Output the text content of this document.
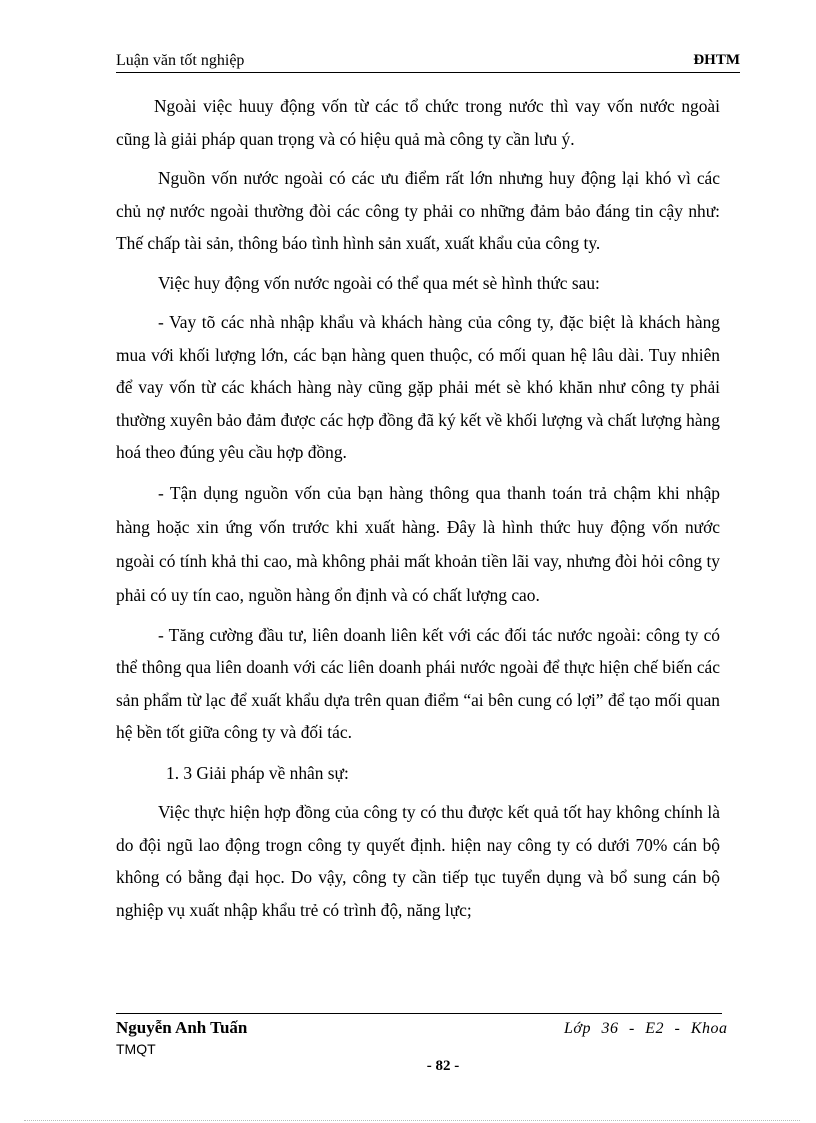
Luận văn tốt nghiệp	ĐHTM

Ngoài việc huuy động vốn từ các tổ chức trong nước thì vay vốn nước ngoài cũng là giải pháp quan trọng và có hiệu quả mà công ty cần lưu ý.

Nguồn vốn nước ngoài có các ưu điểm rất lớn nhưng huy động lại khó vì các chủ nợ nước ngoài thường đòi các công ty phải co những đảm bảo đáng tin cậy như: Thế chấp tài sản, thông báo tình hình sản xuất, xuất khẩu của công ty.

Việc huy động vốn nước ngoài có thể qua mét sè hình thức sau:

- Vay tõ các nhà nhập khẩu và khách hàng của công ty, đặc biệt là khách hàng mua với khối lượng lớn, các bạn hàng quen thuộc, có mối quan hệ lâu dài. Tuy nhiên để vay vốn từ các khách hàng này cũng gặp phải mét sè khó khăn như công ty phải thường xuyên bảo đảm được các hợp đồng đã ký kết về khối lượng và chất lượng hàng hoá theo đúng yêu cầu hợp đồng.

- Tận dụng nguồn vốn của bạn hàng thông qua thanh toán trả chậm khi nhập hàng hoặc xin ứng vốn trước khi xuất hàng. Đây là hình thức huy động vốn nước ngoài có tính khả thi cao, mà không phải mất khoản tiền lãi vay, nhưng đòi hỏi công ty phải có uy tín cao, nguồn hàng ổn định và có chất lượng cao.

- Tăng cường đầu tư, liên doanh liên kết với các đối tác nước ngoài: công ty có thể thông qua liên doanh với các liên doanh phái nước ngoài để thực hiện chế biến các sản phẩm từ lạc để xuất khẩu dựa trên quan điểm “ai bên cung có lợi” để tạo mối quan hệ bền tốt giữa công ty và đối tác.

1. 3 Giải pháp về nhân sự:

Việc thực hiện hợp đồng của công ty có thu được kết quả tốt hay không chính là do đội ngũ lao động trogn công ty quyết định. hiện nay công ty có dưới 70% cán bộ không có bằng đại học. Do vậy, công ty cần tiếp tục tuyển dụng và bổ sung cán bộ nghiệp vụ xuất nhập khẩu trẻ có trình độ, năng lực;

Nguyễn Anh Tuấn	Lớp 36 - E2 - Khoa
TMQT
- 82 -
